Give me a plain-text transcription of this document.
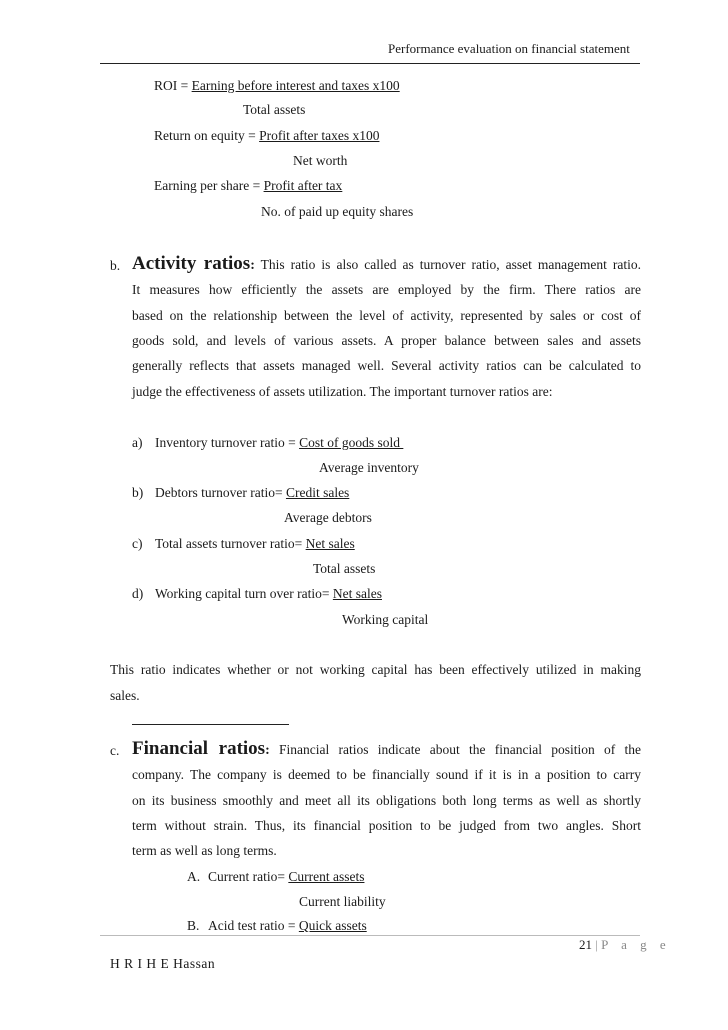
Performance evaluation on financial statement
ROI = Earning before interest and taxes x100
Total assets
Return on equity = Profit after taxes x100
Net worth
Earning per share = Profit after tax
No. of paid up equity shares
b. Activity ratios: This ratio is also called as turnover ratio, asset management ratio.
It measures how efficiently the assets are employed by the firm. There ratios are
based on the relationship between the level of activity, represented by sales or cost of
goods sold, and levels of various assets. A proper balance between sales and assets
generally reflects that assets managed well. Several activity ratios can be calculated to
judge the effectiveness of assets utilization. The important turnover ratios are:
a) Inventory turnover ratio = Cost of goods sold
Average inventory
b) Debtors turnover ratio= Credit sales
Average debtors
c) Total assets turnover ratio= Net sales
Total assets
d) Working capital turn over ratio= Net sales
Working capital
This ratio indicates whether or not working capital has been effectively utilized in making
sales.
c. Financial ratios: Financial ratios indicate about the financial position of the
company. The company is deemed to be financially sound if it is in a position to carry
on its business smoothly and meet all its obligations both long terms as well as shortly
term without strain. Thus, its financial position to be judged from two angles. Short
term as well as long terms.
A. Current ratio= Current assets
Current liability
B. Acid test ratio = Quick assets
21 | P a g e
H R I H E Hassan
